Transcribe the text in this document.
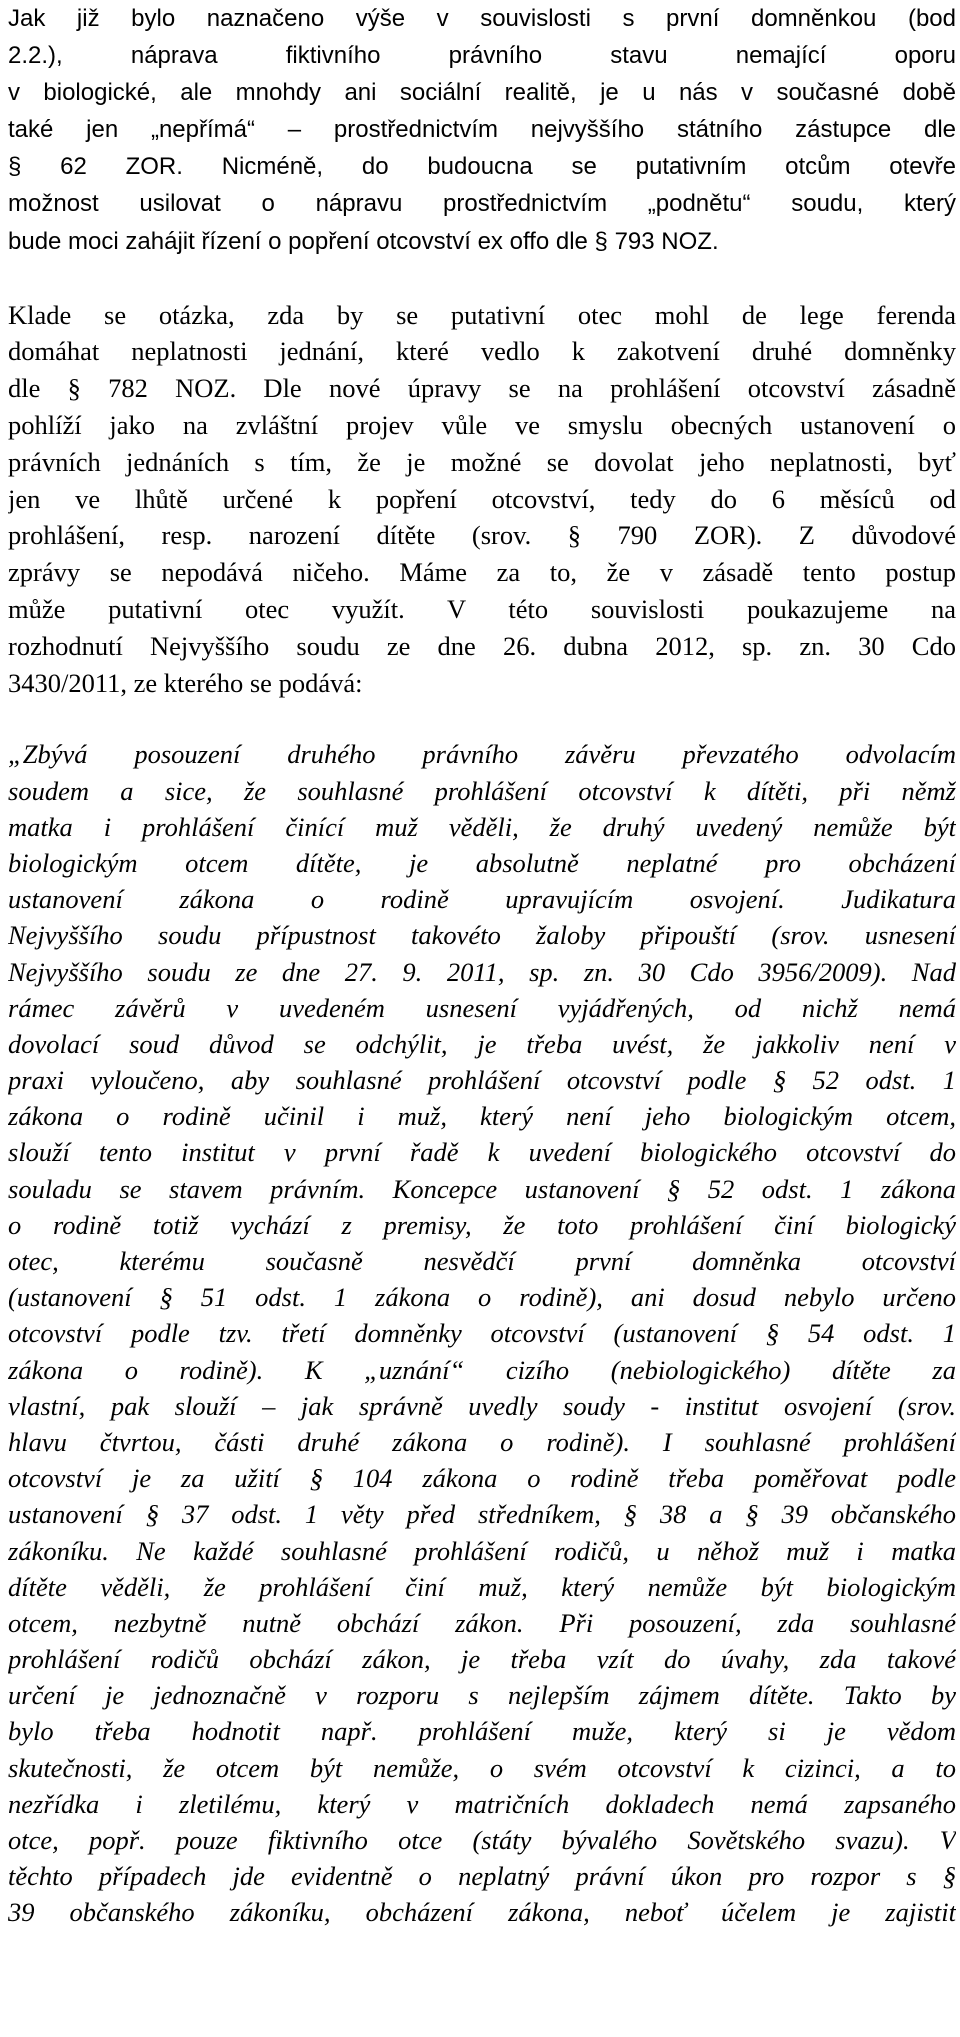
Jak již bylo naznačeno výše v souvislosti s první domněnkou (bod
2.2.), náprava fiktivního právního stavu nemající oporu
v biologické, ale mnohdy ani sociální realitě, je u nás v současné době
také jen „nepřímá“ – prostřednictvím nejvyššího státního zástupce dle
§ 62 ZOR. Nicméně, do budoucna se putativním otcům otevře
možnost usilovat o nápravu prostřednictvím „podnětu“ soudu, který
bude moci zahájit řízení o popření otcovství ex offo dle § 793 NOZ.
Klade se otázka, zda by se putativní otec mohl de lege ferenda
domáhat neplatnosti jednání, které vedlo k zakotvení druhé domněnky
dle § 782 NOZ. Dle nové úpravy se na prohlášení otcovství zásadně
pohlíží jako na zvláštní projev vůle ve smyslu obecných ustanovení o
právních jednáních s tím, že je možné se dovolat jeho neplatnosti, byť
jen ve lhůtě určené k popření otcovství, tedy do 6 měsíců od
prohlášení, resp. narození dítěte (srov. § 790 ZOR). Z důvodové
zprávy se nepodává ničeho. Máme za to, že v zásadě tento postup
může putativní otec využít. V této souvislosti poukazujeme na
rozhodnutí Nejvyššího soudu ze dne 26. dubna 2012, sp. zn. 30 Cdo
3430/2011, ze kterého se podává:
„Zbývá posouzení druhého právního závěru převzatého odvolacím
soudem a sice, že souhlasné prohlášení otcovství k dítěti, při němž
matka i prohlášení činící muž věděli, že druhý uvedený nemůže být
biologickým otcem dítěte, je absolutně neplatné pro obcházení
ustanovení zákona o rodině upravujícím osvojení. Judikatura
Nejvyššího soudu přípustnost takovéto žaloby připouští (srov. usnesení
Nejvyššího soudu ze dne 27. 9. 2011, sp. zn. 30 Cdo 3956/2009). Nad
rámec závěrů v uvedeném usnesení vyjádřených, od nichž nemá
dovolací soud důvod se odchýlit, je třeba uvést, že jakkoliv není v
praxi vyloučeno, aby souhlasné prohlášení otcovství podle § 52 odst. 1
zákona o rodině učinil i muž, který není jeho biologickým otcem,
slouží tento institut v první řadě k uvedení biologického otcovství do
souladu se stavem právním. Koncepce ustanovení § 52 odst. 1 zákona
o rodině totiž vychází z premisy, že toto prohlášení činí biologický
otec, kterému současně nesvědčí první domněnka otcovství
(ustanovení § 51 odst. 1 zákona o rodině), ani dosud nebylo určeno
otcovství podle tzv. třetí domněnky otcovství (ustanovení § 54 odst. 1
zákona o rodině). K „uznání“ cizího (nebiologického) dítěte za
vlastní, pak slouží – jak správně uvedly soudy - institut osvojení (srov.
hlavu čtvrtou, části druhé zákona o rodině). I souhlasné prohlášení
otcovství je za užití § 104 zákona o rodině třeba poměřovat podle
ustanovení § 37 odst. 1 věty před středníkem, § 38 a § 39 občanského
zákoníku. Ne každé souhlasné prohlášení rodičů, u něhož muž i matka
dítěte věděli, že prohlášení činí muž, který nemůže být biologickým
otcem, nezbytně nutně obchází zákon. Při posouzení, zda souhlasné
prohlášení rodičů obchází zákon, je třeba vzít do úvahy, zda takové
určení je jednoznačně v rozporu s nejlepším zájmem dítěte. Takto by
bylo třeba hodnotit např. prohlášení muže, který si je vědom
skutečnosti, že otcem být nemůže, o svém otcovství k cizinci, a to
nezřídka i zletilému, který v matričních dokladech nemá zapsaného
otce, popř. pouze fiktivního otce (státy bývalého Sovětského svazu). V
těchto případech jde evidentně o neplatný právní úkon pro rozpor s §
39 občanského zákoníku, obcházení zákona, neboť účelem je zajistit
